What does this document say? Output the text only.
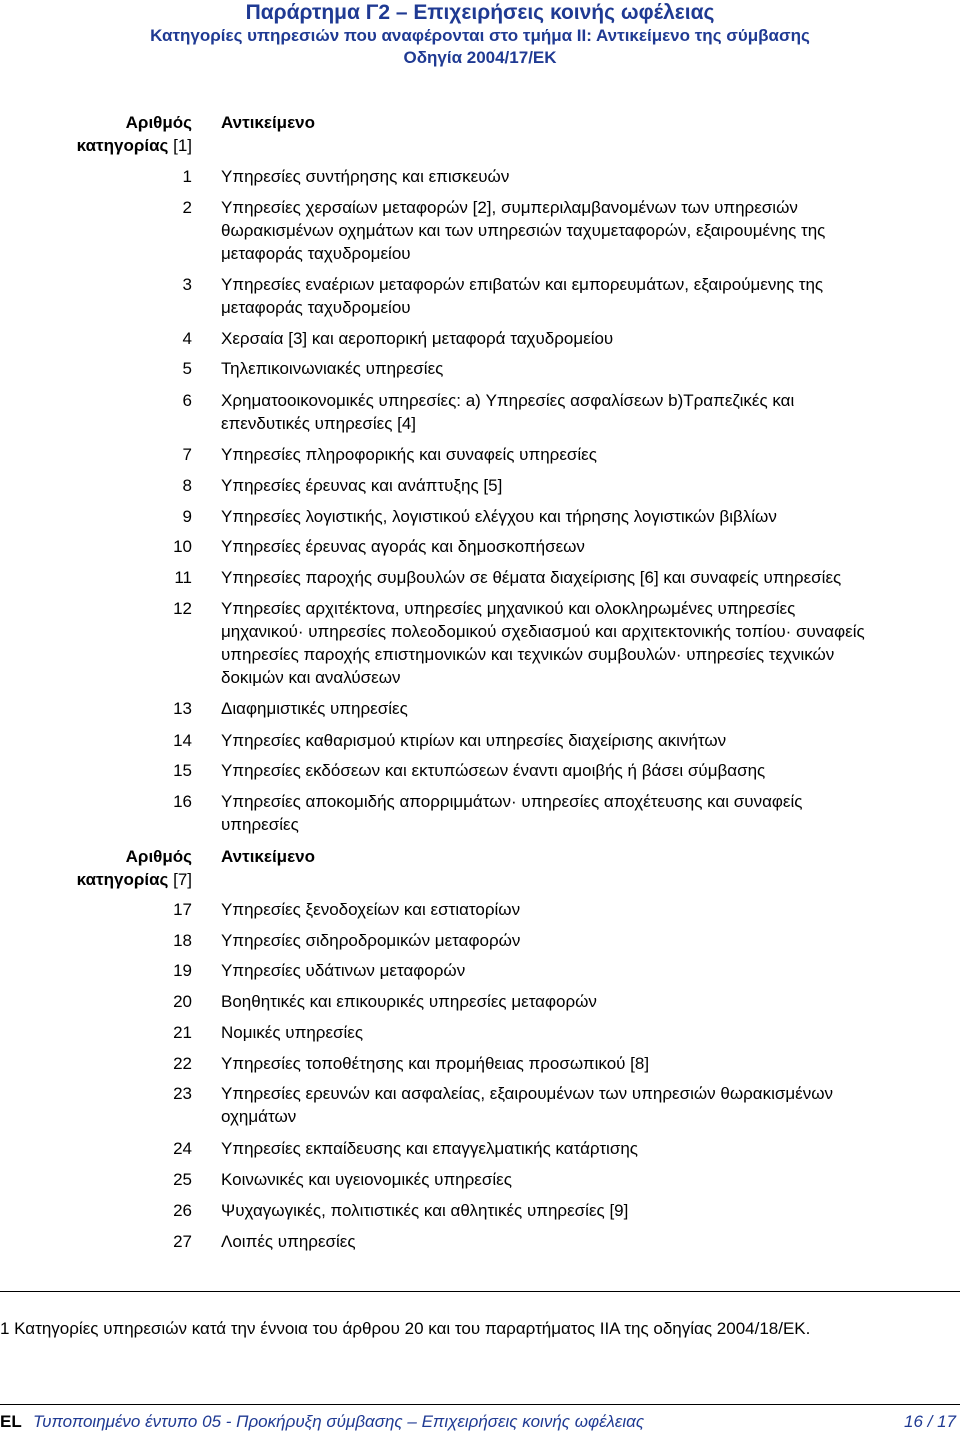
Παράρτημα Γ2 – Επιχειρήσεις κοινής ωφέλειας
Κατηγορίες υπηρεσιών που αναφέρονται στο τμήμα ΙΙ: Αντικείμενο της σύμβασης
Οδηγία 2004/17/ΕΚ
Αριθμός
κατηγορίας [1]
Αντικείμενο
1 Υπηρεσίες συντήρησης και επισκευών
2 Υπηρεσίες χερσαίων μεταφορών [2], συμπεριλαμβανομένων των υπηρεσιών
θωρακισμένων οχημάτων και των υπηρεσιών ταχυμεταφορών, εξαιρουμένης της
μεταφοράς ταχυδρομείου
3 Υπηρεσίες εναέριων μεταφορών επιβατών και εμπορευμάτων, εξαιρούμενης της
μεταφοράς ταχυδρομείου
4 Χερσαία [3] και αεροπορική μεταφορά ταχυδρομείου
5 Τηλεπικοινωνιακές υπηρεσίες
6 Χρηματοοικονομικές υπηρεσίες: a) Υπηρεσίες ασφαλίσεων b)Τραπεζικές και
επενδυτικές υπηρεσίες [4]
7 Υπηρεσίες πληροφορικής και συναφείς υπηρεσίες
8 Υπηρεσίες έρευνας και ανάπτυξης [5]
9 Υπηρεσίες λογιστικής, λογιστικού ελέγχου και τήρησης λογιστικών βιβλίων
10 Υπηρεσίες έρευνας αγοράς και δημοσκοπήσεων
11 Υπηρεσίες παροχής συμβουλών σε θέματα διαχείρισης [6] και συναφείς υπηρεσίες
12 Υπηρεσίες αρχιτέκτονα, υπηρεσίες μηχανικού και ολοκληρωμένες υπηρεσίες
μηχανικού· υπηρεσίες πολεοδομικού σχεδιασμού και αρχιτεκτονικής τοπίου· συναφείς
υπηρεσίες παροχής επιστημονικών και τεχνικών συμβουλών· υπηρεσίες τεχνικών
δοκιμών και αναλύσεων
13 Διαφημιστικές υπηρεσίες
14 Υπηρεσίες καθαρισμού κτιρίων και υπηρεσίες διαχείρισης ακινήτων
15 Υπηρεσίες εκδόσεων και εκτυπώσεων έναντι αμοιβής ή βάσει σύμβασης
16 Υπηρεσίες αποκομιδής απορριμμάτων· υπηρεσίες αποχέτευσης και συναφείς
υπηρεσίες
Αριθμός
κατηγορίας [7]
Αντικείμενο
17 Υπηρεσίες ξενοδοχείων και εστιατορίων
18 Υπηρεσίες σιδηροδρομικών μεταφορών
19 Υπηρεσίες υδάτινων μεταφορών
20 Βοηθητικές και επικουρικές υπηρεσίες μεταφορών
21 Νομικές υπηρεσίες
22 Υπηρεσίες τοποθέτησης και προμήθειας προσωπικού [8]
23 Υπηρεσίες ερευνών και ασφαλείας, εξαιρουμένων των υπηρεσιών θωρακισμένων
οχημάτων
24 Υπηρεσίες εκπαίδευσης και επαγγελματικής κατάρτισης
25 Κοινωνικές και υγειονομικές υπηρεσίες
26 Ψυχαγωγικές, πολιτιστικές και αθλητικές υπηρεσίες [9]
27 Λοιπές υπηρεσίες
1 Κατηγορίες υπηρεσιών κατά την έννοια του άρθρου 20 και του παραρτήματος IIA της οδηγίας 2004/18/ΕΚ.
EL Τυποποιημένο έντυπο 05 - Προκήρυξη σύμβασης – Επιχειρήσεις κοινής ωφέλειας	16 / 17
